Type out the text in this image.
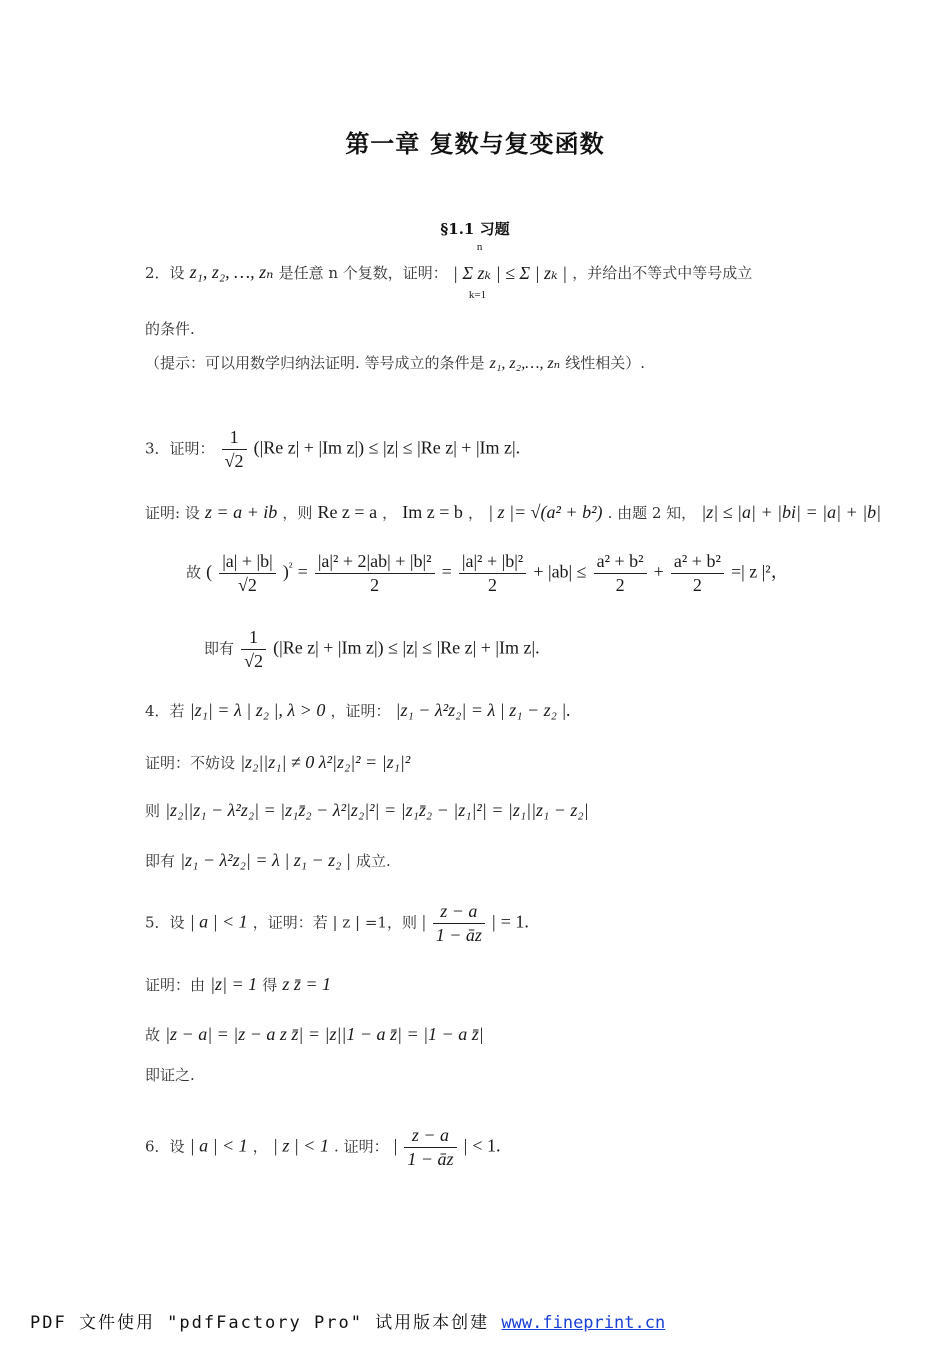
第一章 复数与复变函数
§1.1 习题
2．设 z₁, z₂, …, zₙ 是任意 n 个复数，证明：
n
| Σ zₖ | ≤ Σ | zₖ |
k=1
，并给出不等式中等号成立
的条件.
（提示：可以用数学归纳法证明. 等号成立的条件是 z₁, z₂,…, zₙ 线性相关）.
3．证明： $\frac{1}{√2} (|Re$ z| + |Im z|) ≤ |z| ≤ |Re z| + |Im z|.
证明: 设 z = a + ib ，则 Re z = a ， Im z = b ， | z |= √(a² + b²) . 由题 2 知， |z| ≤ |a| + |bi| = |a| + |b|
故 ( $\frac{|a| + |b|}{√2} )^{^2} = \frac{\text{|a|² + 2|ab| + |b|²}}{2} = \frac{\text{|a|² + |b|²}}{2} + |ab| \le \frac{\text{a² + b²}}{2} + \frac{\text{a² + b²}}{2}$ =| z |²，
即有 $\frac{1}{√2} (|Re$ z| + |Im z|) ≤ |z| ≤ |Re z| + |Im z|.
4．若 |z₁| = λ | z₂ |, λ > 0 ，证明： |z₁ − λ²z₂| = λ | z₁ − z₂ |.
证明：不妨设 |z₂||z₁| ≠ 0 λ²|z₂|² = |z₁|²
则 |z₂||z₁ − λ²z₂| = |z₁z̄₂ − λ²|z₂|²| = |z₁z̄₂ − |z₁|²| = |z₁||z₁ − z₂|
即有 |z₁ − λ²z₂| = λ | z₁ − z₂ | 成立.
5．设 | a | < 1 ，证明：若 | z | =1，则 | $\frac{z - a}{1 - āz}$ | = 1.
证明：由 |z| = 1 得 z z̄ = 1
故 |z − a| = |z − a z z̄| = |z||1 − a z̄| = |1 − a z̄|
即证之.
6．设 | a | < 1 ， | z | < 1 . 证明： | $\frac{z - a}{1 - āz}$ | < 1.
PDF 文件使用 "pdfFactory Pro" 试用版本创建 www.fineprint.cn
